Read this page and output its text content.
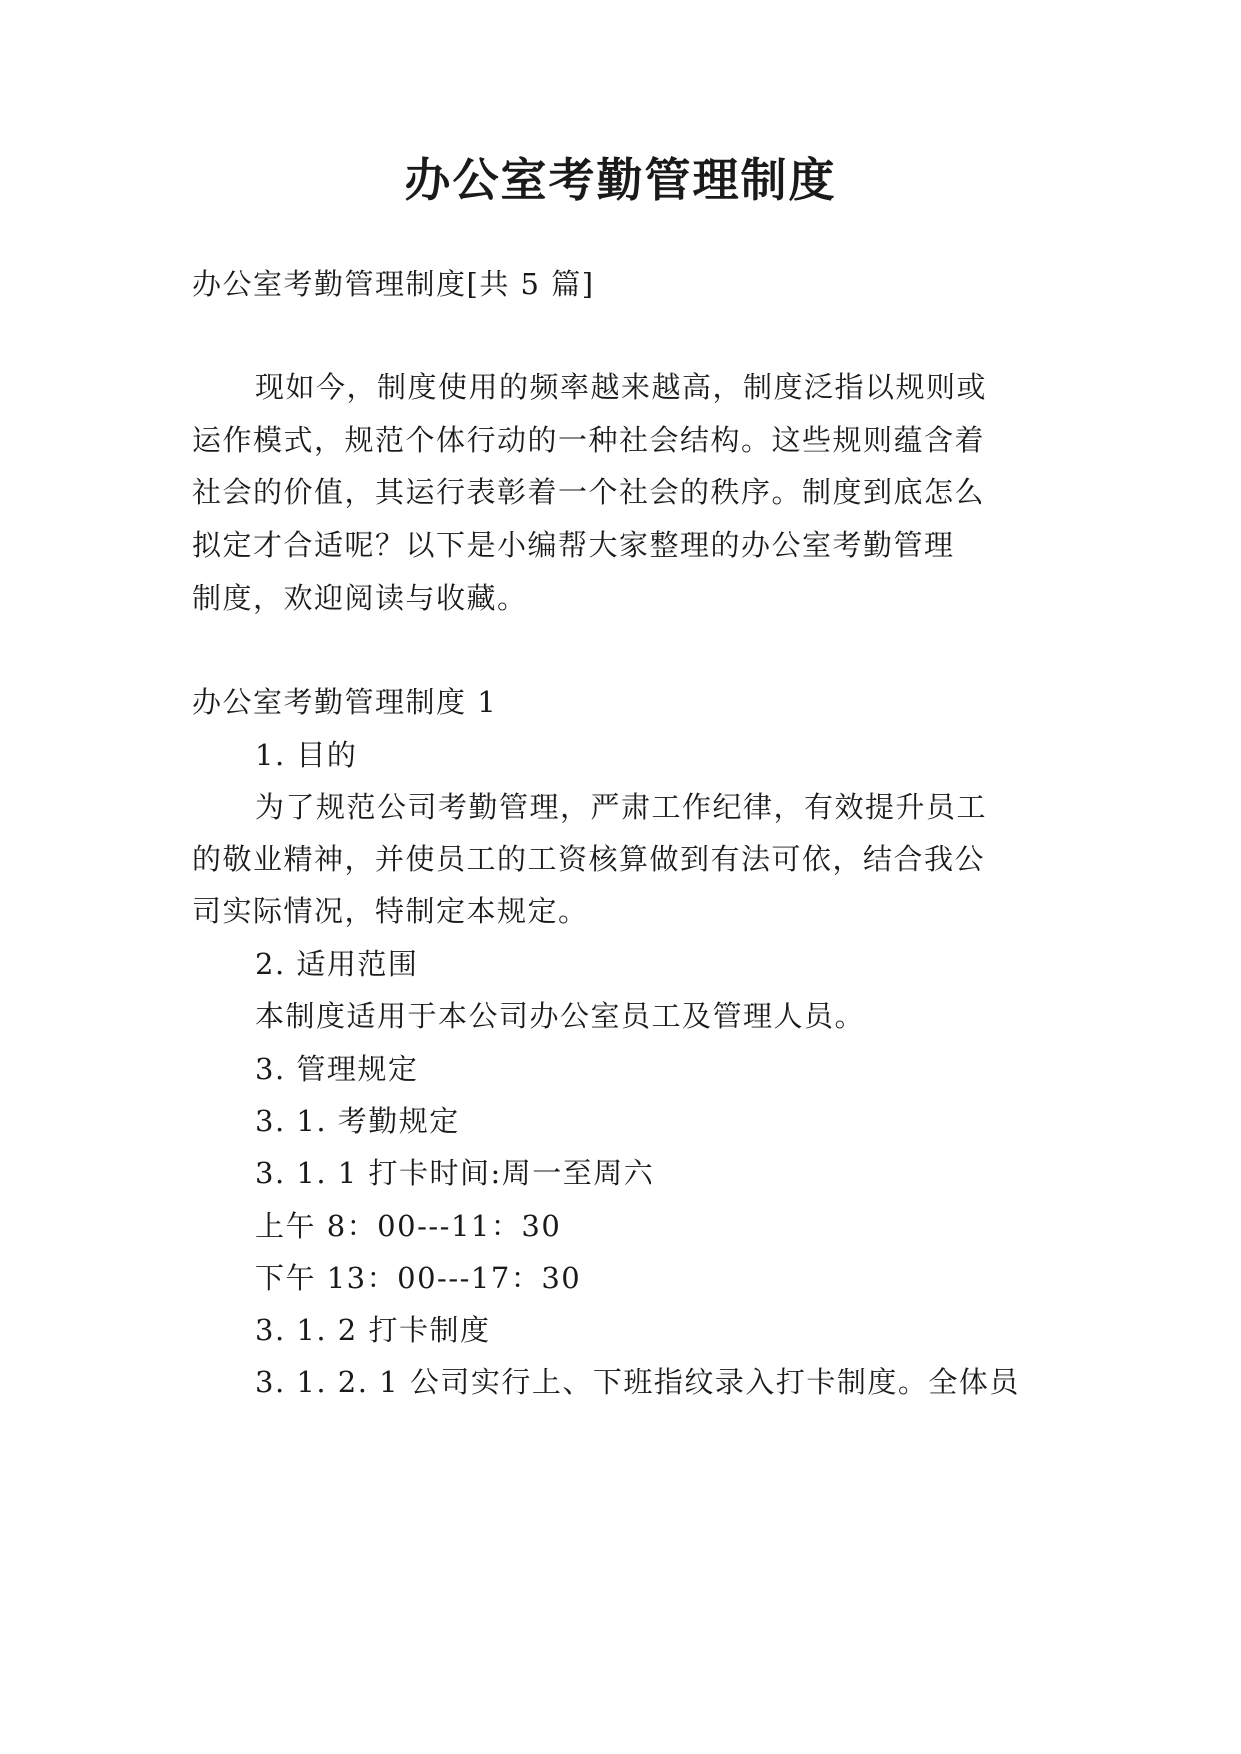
办公室考勤管理制度
办公室考勤管理制度[共 5 篇]
现如今，制度使用的频率越来越高，制度泛指以规则或
运作模式，规范个体行动的一种社会结构。这些规则蕴含着
社会的价值，其运行表彰着一个社会的秩序。制度到底怎么
拟定才合适呢？以下是小编帮大家整理的办公室考勤管理
制度，欢迎阅读与收藏。
办公室考勤管理制度 1
1. 目的
为了规范公司考勤管理，严肃工作纪律，有效提升员工
的敬业精神，并使员工的工资核算做到有法可依，结合我公
司实际情况，特制定本规定。
2. 适用范围
本制度适用于本公司办公室员工及管理人员。
3. 管理规定
3. 1. 考勤规定
3. 1. 1 打卡时间:周一至周六
上午 8：00---11：30
下午 13：00---17：30
3. 1. 2 打卡制度
3. 1. 2. 1 公司实行上、下班指纹录入打卡制度。全体员
